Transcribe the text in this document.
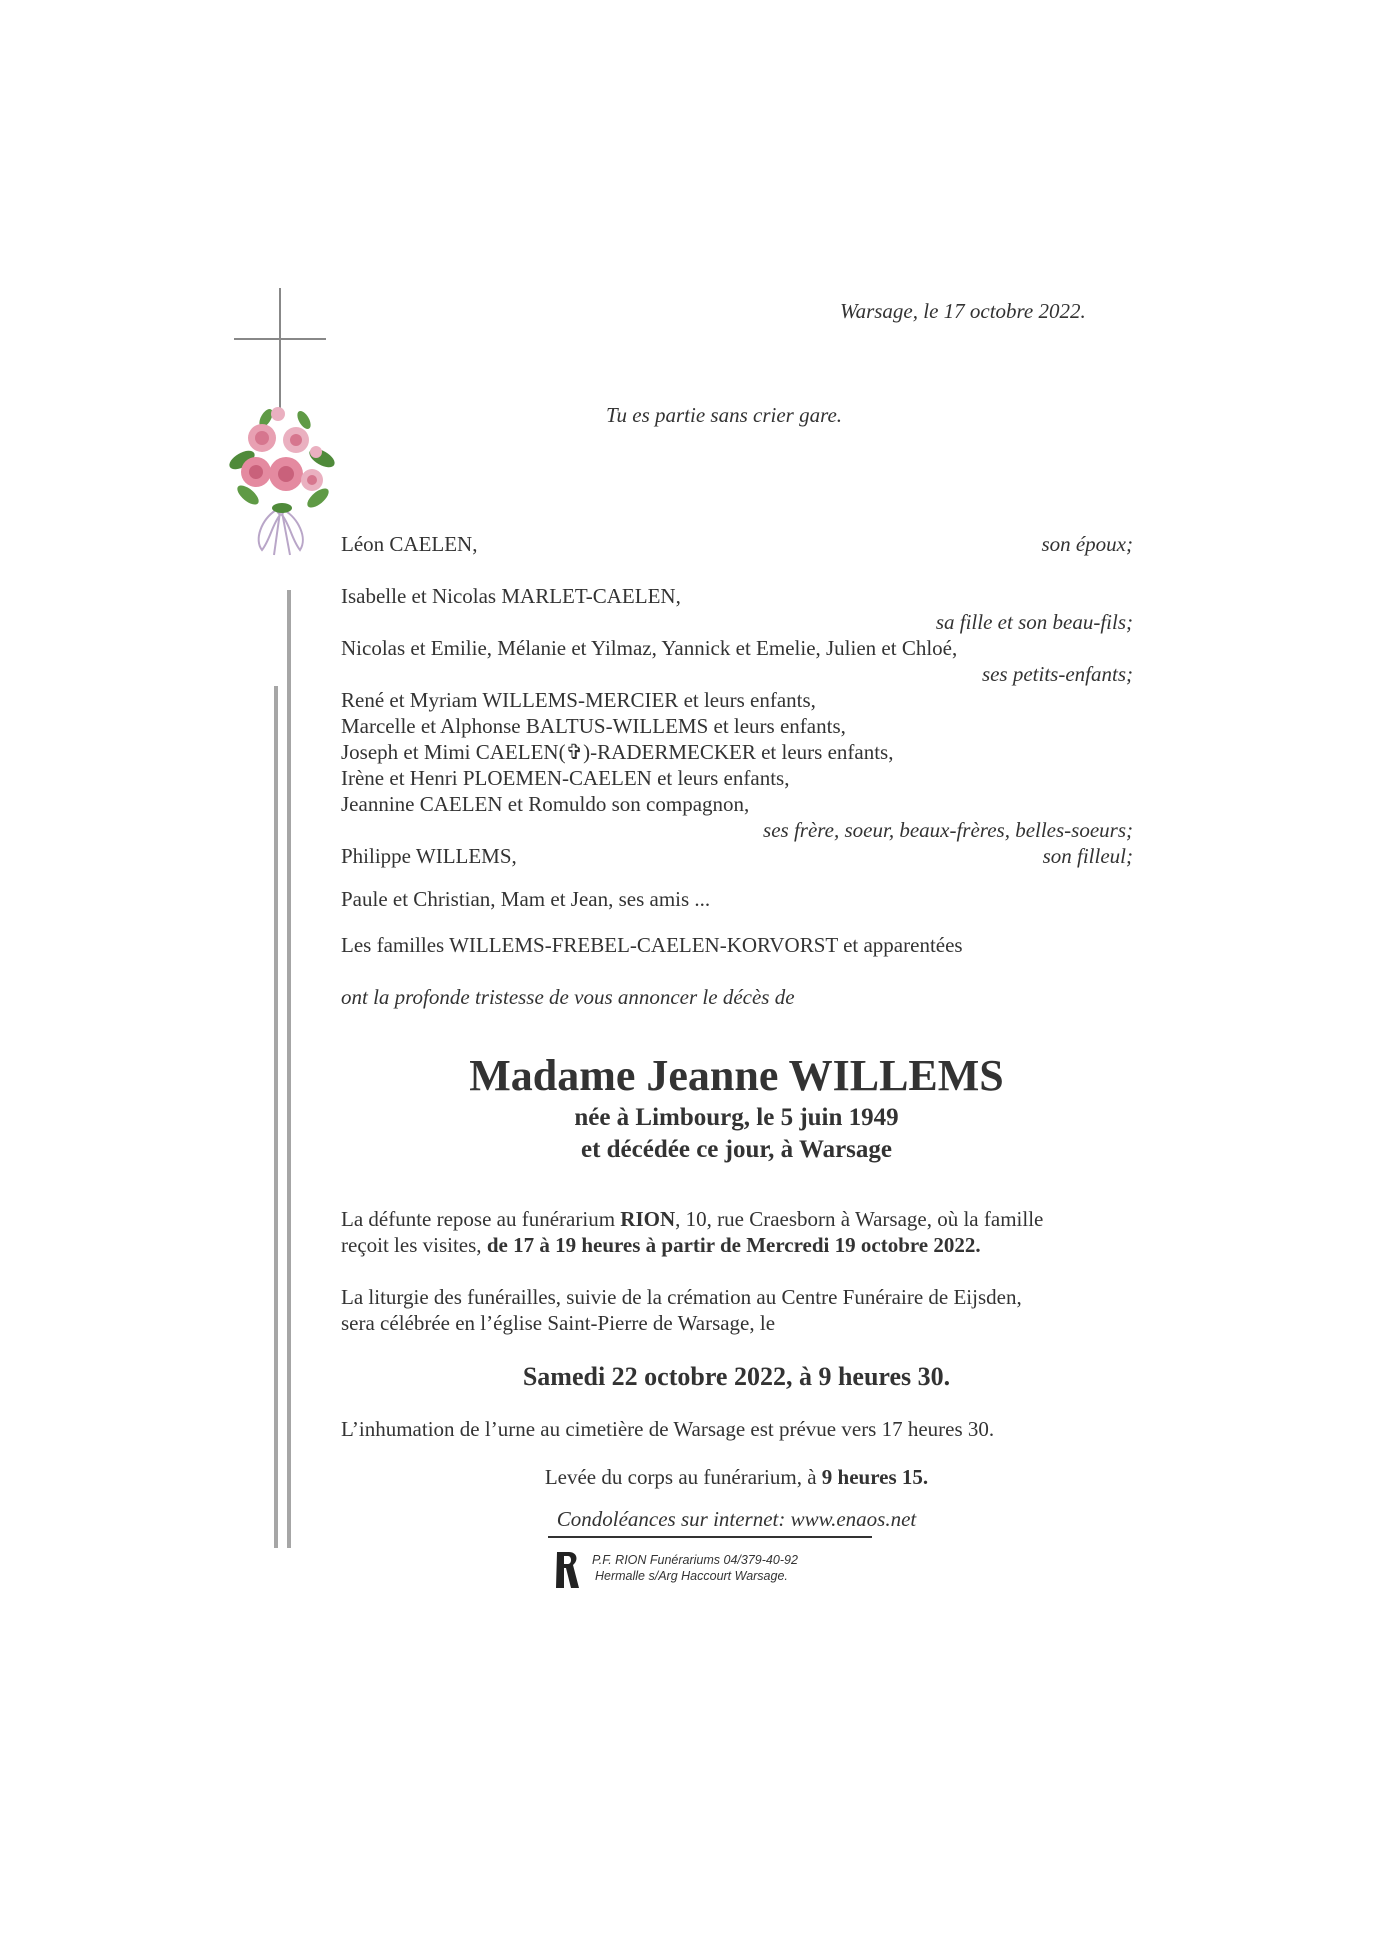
Warsage, le 17 octobre 2022.
Tu es partie sans crier gare.
Léon CAELEN,	son époux;
Isabelle et Nicolas MARLET-CAELEN,
sa fille et son beau-fils;
Nicolas et Emilie, Mélanie et Yilmaz, Yannick et Emelie, Julien et Chloé,
ses petits-enfants;
René et Myriam WILLEMS-MERCIER et leurs enfants,
Marcelle et Alphonse BALTUS-WILLEMS et leurs enfants,
Joseph et Mimi CAELEN(✞)-RADERMECKER et leurs enfants,
Irène et Henri PLOEMEN-CAELEN et leurs enfants,
Jeannine CAELEN et Romuldo son compagnon,
ses frère, soeur, beaux-frères, belles-soeurs;
Philippe WILLEMS,	son filleul;
Paule et Christian, Mam et Jean, ses amis ...
Les familles WILLEMS-FREBEL-CAELEN-KORVORST et apparentées
ont la profonde tristesse de vous annoncer le décès de
Madame Jeanne WILLEMS
née à Limbourg, le 5 juin 1949
et décédée ce jour, à Warsage
La défunte repose au funérarium RION, 10, rue Craesborn à Warsage, où la famille
reçoit les visites, de 17 à 19 heures à partir de Mercredi 19 octobre 2022.
La liturgie des funérailles, suivie de la crémation au Centre Funéraire de Eijsden,
sera célébrée en l’église Saint-Pierre de Warsage, le
Samedi 22 octobre 2022, à 9 heures 30.
L’inhumation de l’urne au cimetière de Warsage est prévue vers 17 heures 30.
Levée du corps au funérarium, à 9 heures 15.
Condoléances sur internet: www.enaos.net
P.F. RION Funérariums 04/379-40-92
Hermalle s/Arg Haccourt Warsage.
